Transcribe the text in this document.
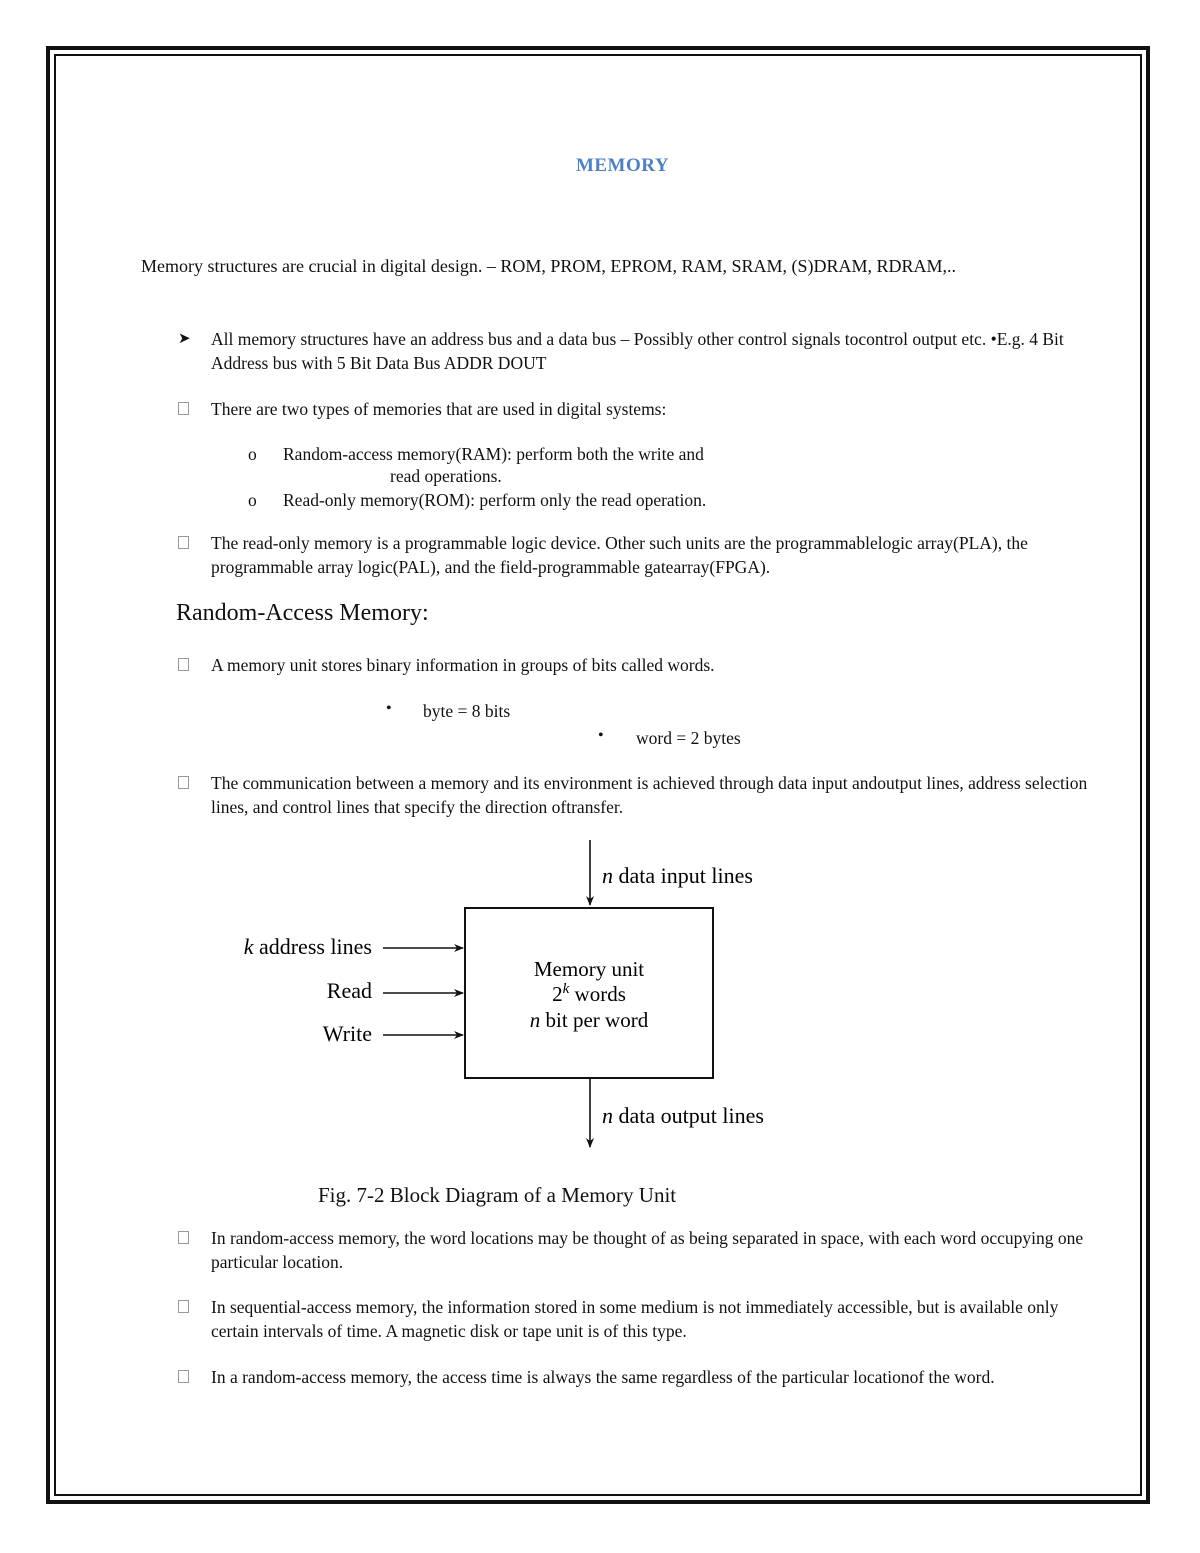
MEMORY

Memory structures are crucial in digital design. – ROM, PROM, EPROM, RAM, SRAM, (S)DRAM, RDRAM,..

➤	All memory structures have an address bus and a data bus – Possibly other control signals tocontrol output etc. •E.g. 4 Bit Address bus with 5 Bit Data Bus ADDR DOUT
There are two types of memories that are used in digital systems:
o Random-access memory(RAM): perform both the write and
read operations.
o Read-only memory(ROM): perform only the read operation.
The read-only memory is a programmable logic device. Other such units are the programmablelogic array(PLA), the programmable array logic(PAL), and the field-programmable gatearray(FPGA).
Random-Access Memory:
A memory unit stores binary information in groups of bits called words.
• byte = 8 bits
• word = 2 bytes
The communication between a memory and its environment is achieved through data input andoutput lines, address selection lines, and control lines that specify the direction oftransfer.
n data input lines
Memory unit
2$^k$ words
n bit per word
k address lines
Read
Write
n data output lines
Fig. 7-2 Block Diagram of a Memory Unit
In random-access memory, the word locations may be thought of as being separated in space, with each word occupying one particular location.
In sequential-access memory, the information stored in some medium is not immediately accessible, but is available only certain intervals of time. A magnetic disk or tape unit is of this type.
In a random-access memory, the access time is always the same regardless of the particular locationof the word.
